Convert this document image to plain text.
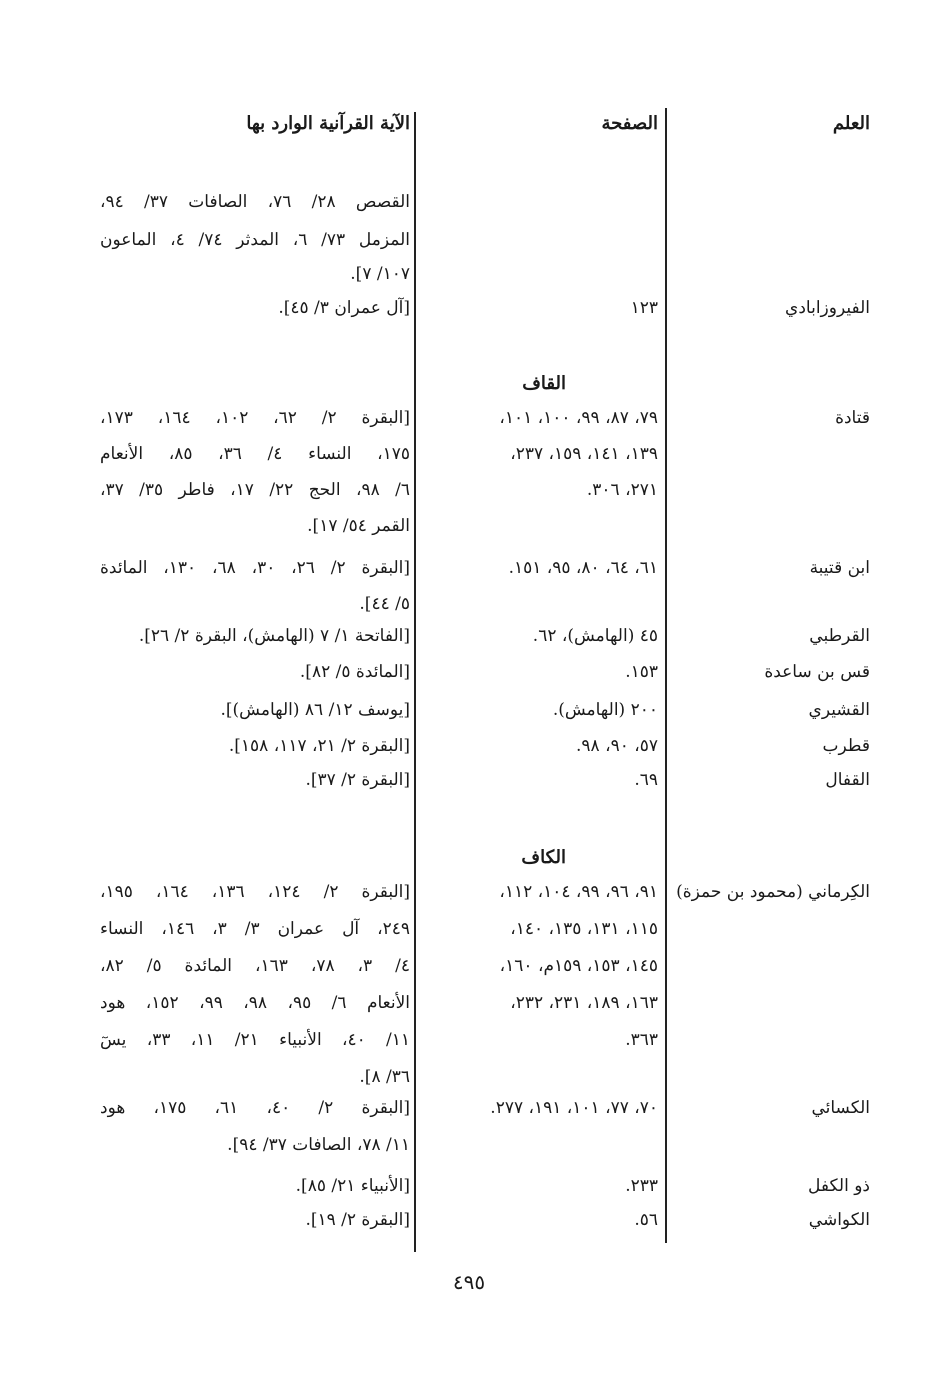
العلم
الصفحة
الآية القرآنية الوارد بها
القصص ٢٨/ ٧٦، الصافات ٣٧/ ٩٤،
المزمل ٧٣/ ٦، المدثر ٧٤/ ٤، الماعون
١٠٧/ ٧].
الفيروزابادي
١٢٣
[آل عمران ٣/ ٤٥].
القاف
قتادة
٧٩، ٨٧، ٩٩، ١٠٠، ١٠١،
١٣٩، ١٤١، ١٥٩، ٢٣٧،
٢٧١، ٣٠٦.
[البقرة ٢/ ٦٢، ١٠٢، ١٦٤، ١٧٣،
١٧٥، النساء ٤/ ٣٦، ٨٥، الأنعام
٦/ ٩٨، الحج ٢٢/ ١٧، فاطر ٣٥/ ٣٧،
القمر ٥٤/ ١٧].
ابن قتيبة
٦١، ٦٤، ٨٠، ٩٥، ١٥١.
[البقرة ٢/ ٢٦، ٣٠، ٦٨، ١٣٠، المائدة
٥/ ٤٤].
القرطبي
٤٥ (الهامش)، ٦٢.
[الفاتحة ١/ ٧ (الهامش)، البقرة ٢/ ٢٦].
قس بن ساعدة
١٥٣.
[المائدة ٥/ ٨٢].
القشيري
٢٠٠ (الهامش).
[يوسف ١٢/ ٨٦ (الهامش)].
قطرب
٥٧، ٩٠، ٩٨.
[البقرة ٢/ ٢١، ١١٧، ١٥٨].
القفال
٦٩.
[البقرة ٢/ ٣٧].
الكاف
الكِرماني (محمود بن حمزة)
٩١، ٩٦، ٩٩، ١٠٤، ١١٢،
١١٥، ١٣١، ١٣٥، ١٤٠،
١٤٥، ١٥٣، ١٥٩م، ١٦٠،
١٦٣، ١٨٩، ٢٣١، ٢٣٢،
٣٦٣.
[البقرة ٢/ ١٢٤، ١٣٦، ١٦٤، ١٩٥،
٢٤٩، آل عمران ٣/ ٣، ١٤٦، النساء
٤/ ٣، ٧٨، ١٦٣، المائدة ٥/ ٨٢،
الأنعام ٦/ ٩٥، ٩٨، ٩٩، ١٥٢، هود
١١/ ٤٠، الأنبياء ٢١/ ١١، ٣٣، يسٓ
٣٦/ ٨].
الكسائي
٧٠، ٧٧، ١٠١، ١٩١، ٢٧٧.
[البقرة ٢/ ٤٠، ٦١، ١٧٥، هود
١١/ ٧٨، الصافات ٣٧/ ٩٤].
ذو الكفل
٢٣٣.
[الأنبياء ٢١/ ٨٥].
الكواشي
٥٦.
[البقرة ٢/ ١٩].
٤٩٥
